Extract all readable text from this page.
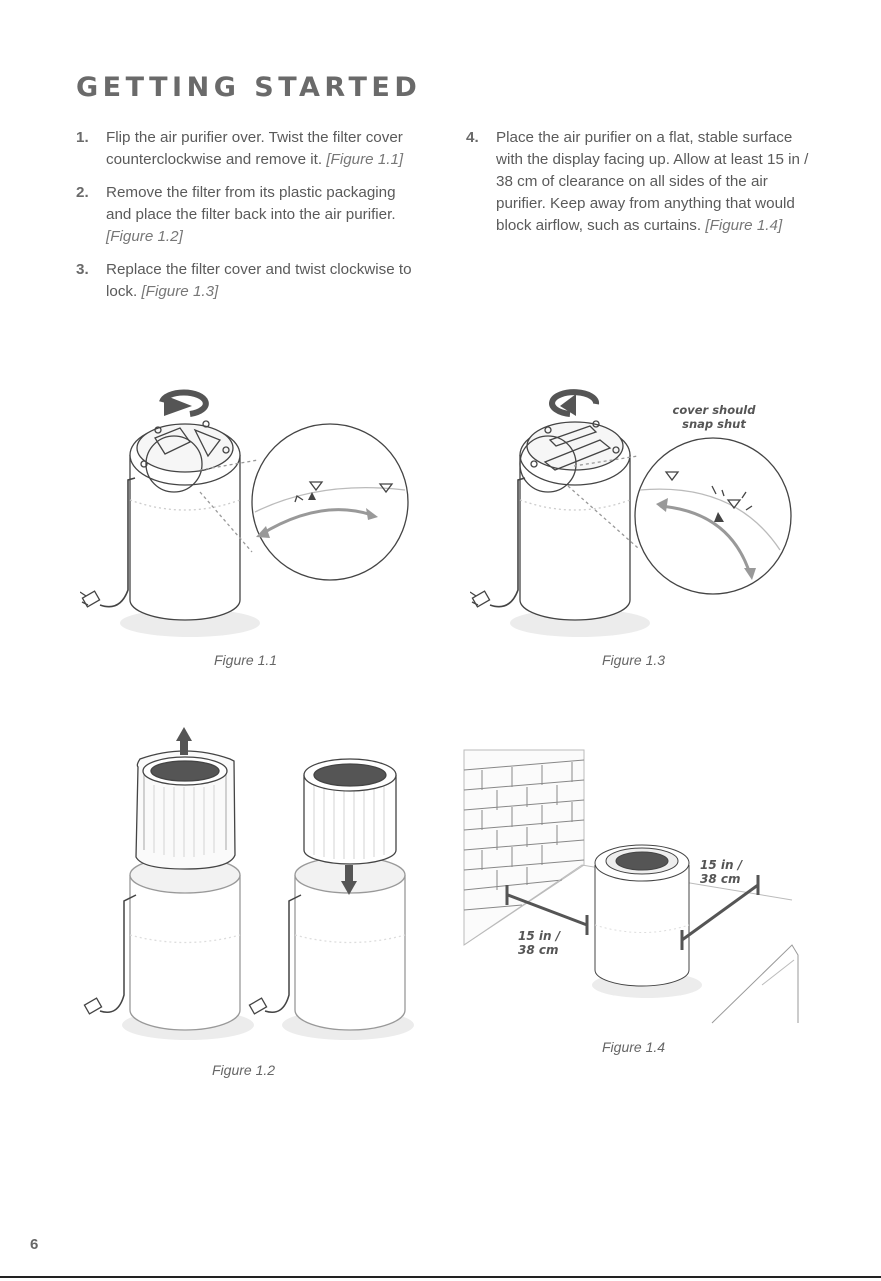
GETTING STARTED
1. Flip the air purifier over. Twist the filter cover counterclockwise and remove it. [Figure 1.1]
2. Remove the filter from its plastic packaging and place the filter back into the air purifier. [Figure 1.2]
3. Replace the filter cover and twist clockwise to lock. [Figure 1.3]
4. Place the air purifier on a flat, stable surface with the display facing up. Allow at least 15 in / 38 cm of clearance on all sides of the air purifier. Keep away from anything that would block airflow, such as curtains. [Figure 1.4]
Figure 1.1
cover should
snap shut
Figure 1.3
Figure 1.2
15 in /
38 cm
15 in /
38 cm
Figure 1.4
6
